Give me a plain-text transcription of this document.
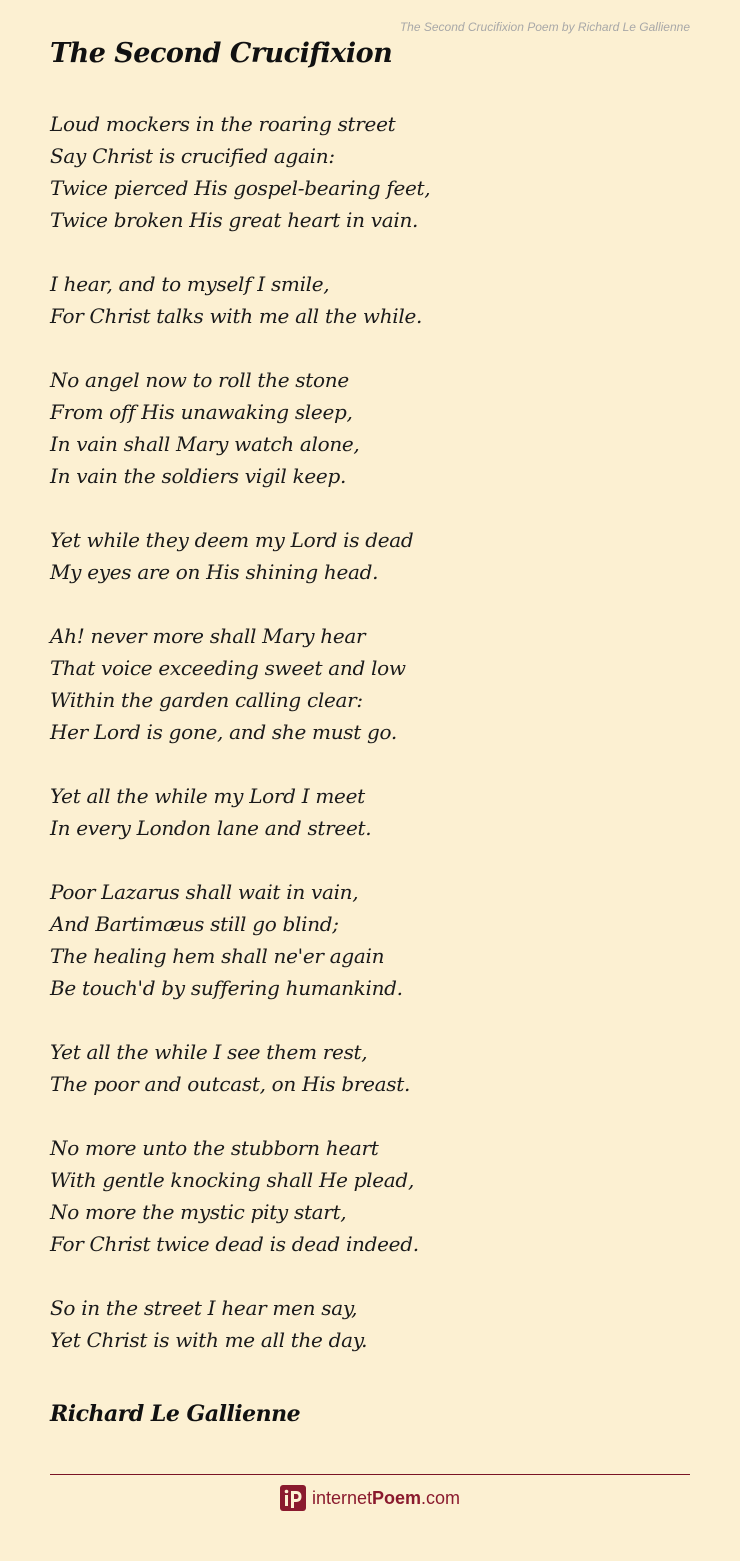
The Second Crucifixion Poem by Richard Le Gallienne
The Second Crucifixion
Loud mockers in the roaring street
Say Christ is crucified again:
Twice pierced His gospel-bearing feet,
Twice broken His great heart in vain.
I hear, and to myself I smile,
For Christ talks with me all the while.
No angel now to roll the stone
From off His unawaking sleep,
In vain shall Mary watch alone,
In vain the soldiers vigil keep.
Yet while they deem my Lord is dead
My eyes are on His shining head.
Ah! never more shall Mary hear
That voice exceeding sweet and low
Within the garden calling clear:
Her Lord is gone, and she must go.
Yet all the while my Lord I meet
In every London lane and street.
Poor Lazarus shall wait in vain,
And Bartimæus still go blind;
The healing hem shall ne'er again
Be touch'd by suffering humankind.
Yet all the while I see them rest,
The poor and outcast, on His breast.
No more unto the stubborn heart
With gentle knocking shall He plead,
No more the mystic pity start,
For Christ twice dead is dead indeed.
So in the street I hear men say,
Yet Christ is with me all the day.
Richard Le Gallienne
internetPoem.com
